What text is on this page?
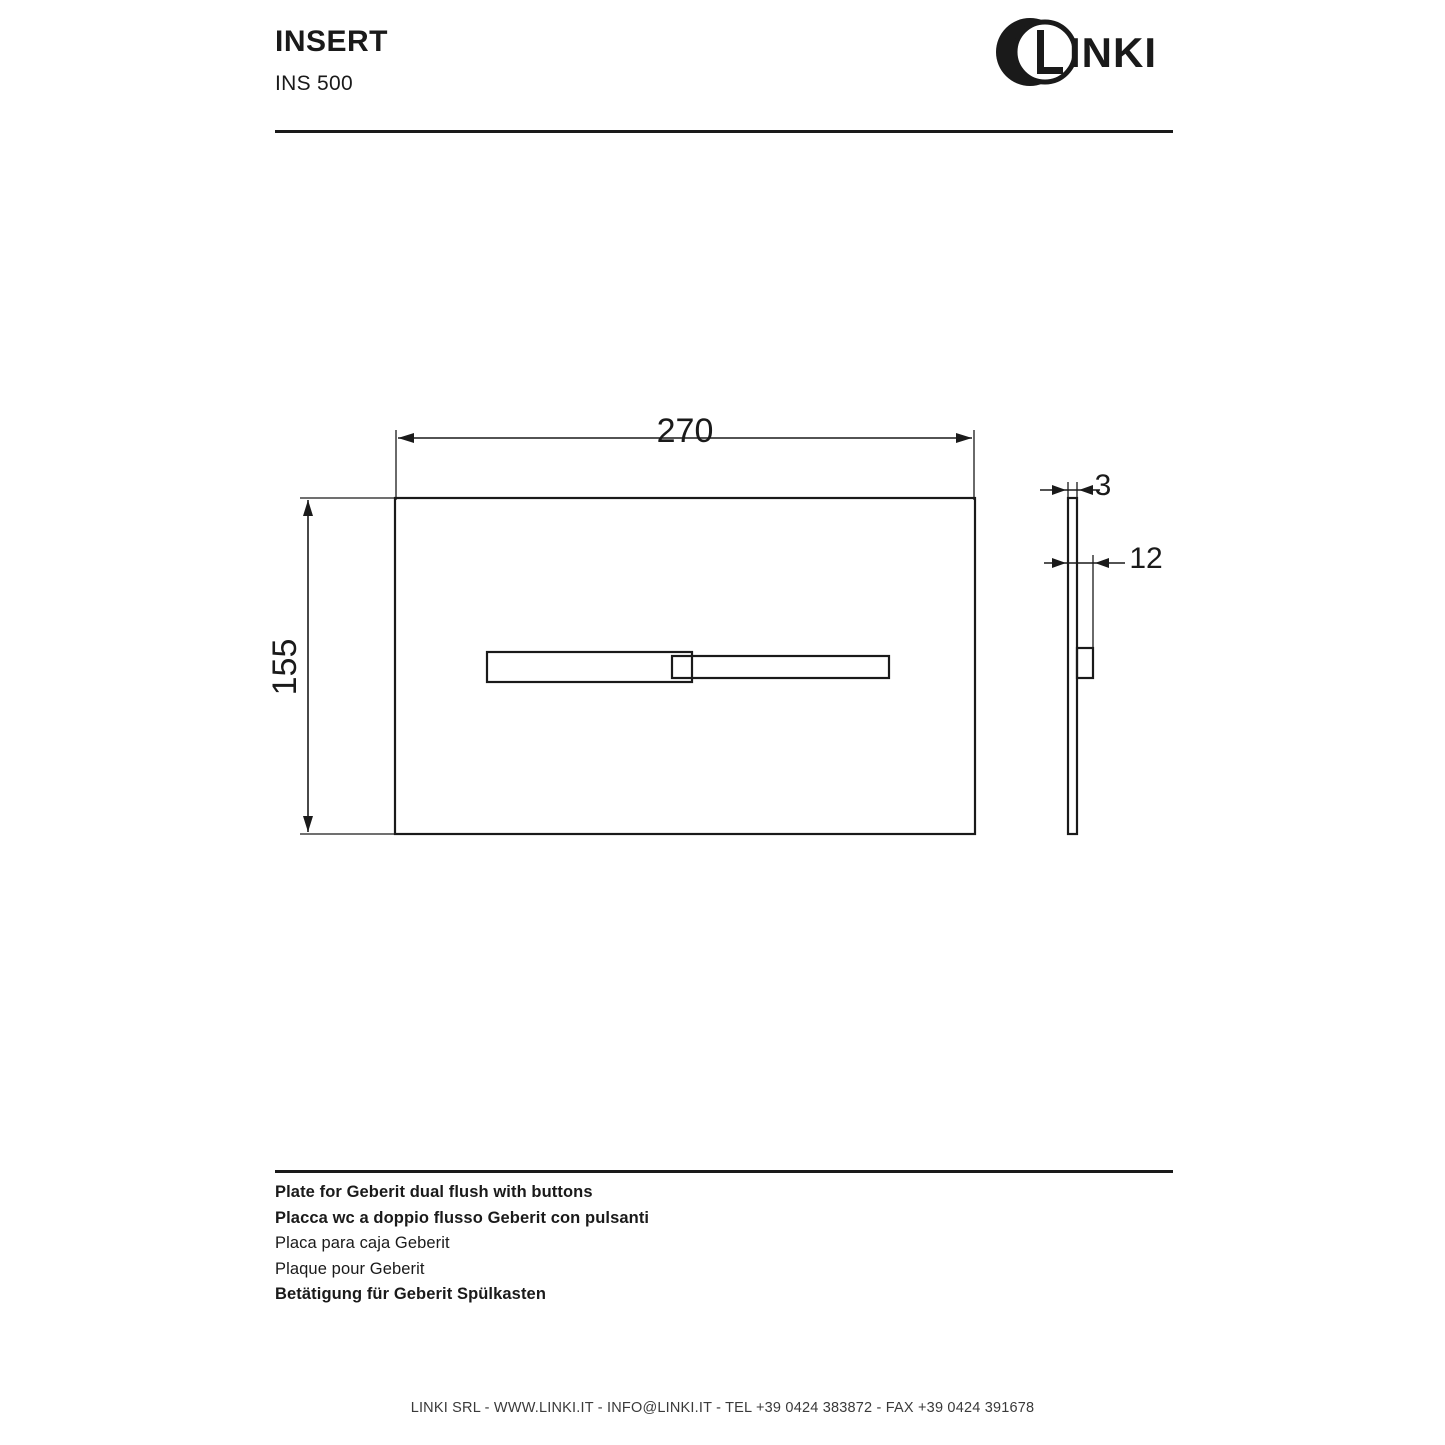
INSERT
INS 500
INKI
270
155
3
12
Plate for Geberit dual flush with buttons
Placca wc a doppio flusso Geberit con pulsanti
Placa para caja Geberit
Plaque pour Geberit
Betätigung für Geberit Spülkasten
LINKI SRL - WWW.LINKI.IT - INFO@LINKI.IT - TEL +39 0424 383872 - FAX +39 0424 391678
